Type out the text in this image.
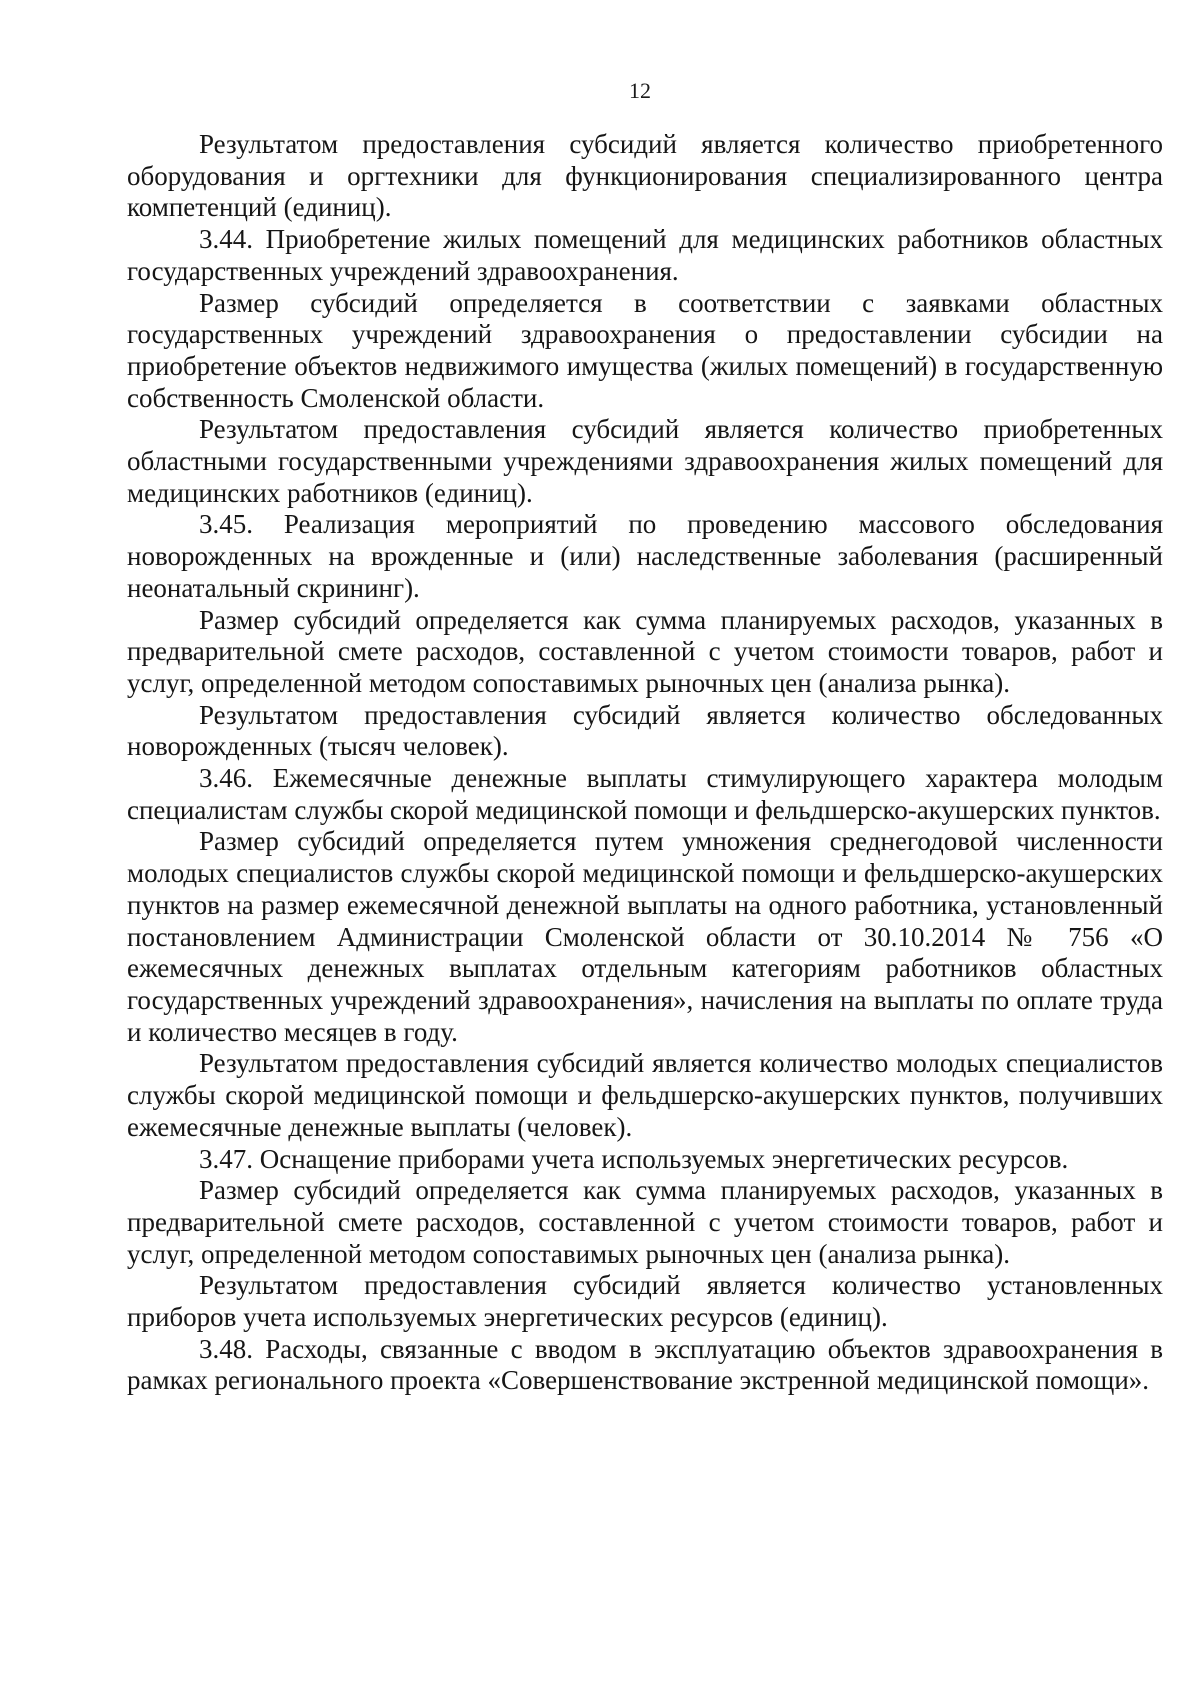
12

Результатом предоставления субсидий является количество приобретенного оборудования и оргтехники для функционирования специализированного центра компетенций (единиц).

3.44. Приобретение жилых помещений для медицинских работников областных государственных учреждений здравоохранения.

Размер субсидий определяется в соответствии с заявками областных государственных учреждений здравоохранения о предоставлении субсидии на приобретение объектов недвижимого имущества (жилых помещений) в государственную собственность Смоленской области.

Результатом предоставления субсидий является количество приобретенных областными государственными учреждениями здравоохранения жилых помещений для медицинских работников (единиц).

3.45. Реализация мероприятий по проведению массового обследования новорожденных на врожденные и (или) наследственные заболевания (расширенный неонатальный скрининг).

Размер субсидий определяется как сумма планируемых расходов, указанных в предварительной смете расходов, составленной с учетом стоимости товаров, работ и услуг, определенной методом сопоставимых рыночных цен (анализа рынка).

Результатом предоставления субсидий является количество обследованных новорожденных (тысяч человек).

3.46. Ежемесячные денежные выплаты стимулирующего характера молодым специалистам службы скорой медицинской помощи и фельдшерско-акушерских пунктов.

Размер субсидий определяется путем умножения среднегодовой численности молодых специалистов службы скорой медицинской помощи и фельдшерско-акушерских пунктов на размер ежемесячной денежной выплаты на одного работника, установленный постановлением Администрации Смоленской области от 30.10.2014 № 756 «О ежемесячных денежных выплатах отдельным категориям работников областных государственных учреждений здравоохранения», начисления на выплаты по оплате труда и количество месяцев в году.

Результатом предоставления субсидий является количество молодых специалистов службы скорой медицинской помощи и фельдшерско-акушерских пунктов, получивших ежемесячные денежные выплаты (человек).

3.47. Оснащение приборами учета используемых энергетических ресурсов.

Размер субсидий определяется как сумма планируемых расходов, указанных в предварительной смете расходов, составленной с учетом стоимости товаров, работ и услуг, определенной методом сопоставимых рыночных цен (анализа рынка).

Результатом предоставления субсидий является количество установленных приборов учета используемых энергетических ресурсов (единиц).

3.48. Расходы, связанные с вводом в эксплуатацию объектов здравоохранения в рамках регионального проекта «Совершенствование экстренной медицинской помощи».
